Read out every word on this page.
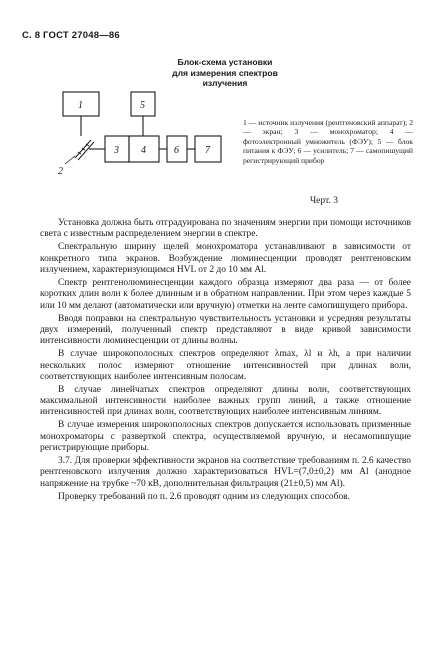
С. 8 ГОСТ 27048—86
Блок-схема установки
для измерения спектров
излучения
1	5
2
3 4	6	7
1 — источник излучения (рентгеновский аппарат); 2 — экран; 3 — монохроматор; 4 — фотоэлектронный умножитель (ФЭУ); 5 — блок питания к ФЭУ; 6 — усилитель; 7 — самопишущий регистрирующий прибор
Черт. 3

Установка должна быть отградуирована по значениям энергии при помощи источников света с известным распределением энергии в спектре.

Спектральную ширину щелей монохроматора устанавливают в зависимости от конкретного типа экранов. Возбуждение люминесценции проводят рентгеновским излучением, характеризующимся HVL от 2 до 10 мм Al.

Спектр рентгенолюминесценции каждого образца измеряют два раза — от более коротких длин волн к более длинным и в обратном направлении. При этом через каждые 5 или 10 мм делают (автоматически или вручную) отметки на ленте самопишущего прибора.

Вводя поправки на спектральную чувствительность установки и усредняя результаты двух измерений, полученный спектр представляют в виде кривой зависимости интенсивности люминесценции от длины волны.

В случае широкополосных спектров определяют λmax, λl и λh, а при наличии нескольких полос измеряют отношение интенсивностей при длинах волн, соответствующих наиболее интенсивным полосам.

В случае линейчатых спектров определяют длины волн, соответствующих максимальной интенсивности наиболее важных групп линий, а также отношение интенсивностей при длинах волн, соответствующих наиболее интенсивным линиям.

В случае измерения широкополосных спектров допускается использовать призменные монохроматоры с разверткой спектра, осуществляемой вручную, и несамопишущие регистрирующие приборы.

3.7. Для проверки эффективности экранов на соответствие требованиям п. 2.6 качество рентгеновского излучения должно характеризоваться HVL=(7,0±0,2) мм Al (анодное напряжение на трубке ~70 кВ, дополнительная фильтрация (21±0,5) мм Al).

Проверку требований по п. 2.6 проводят одним из следующих способов.
